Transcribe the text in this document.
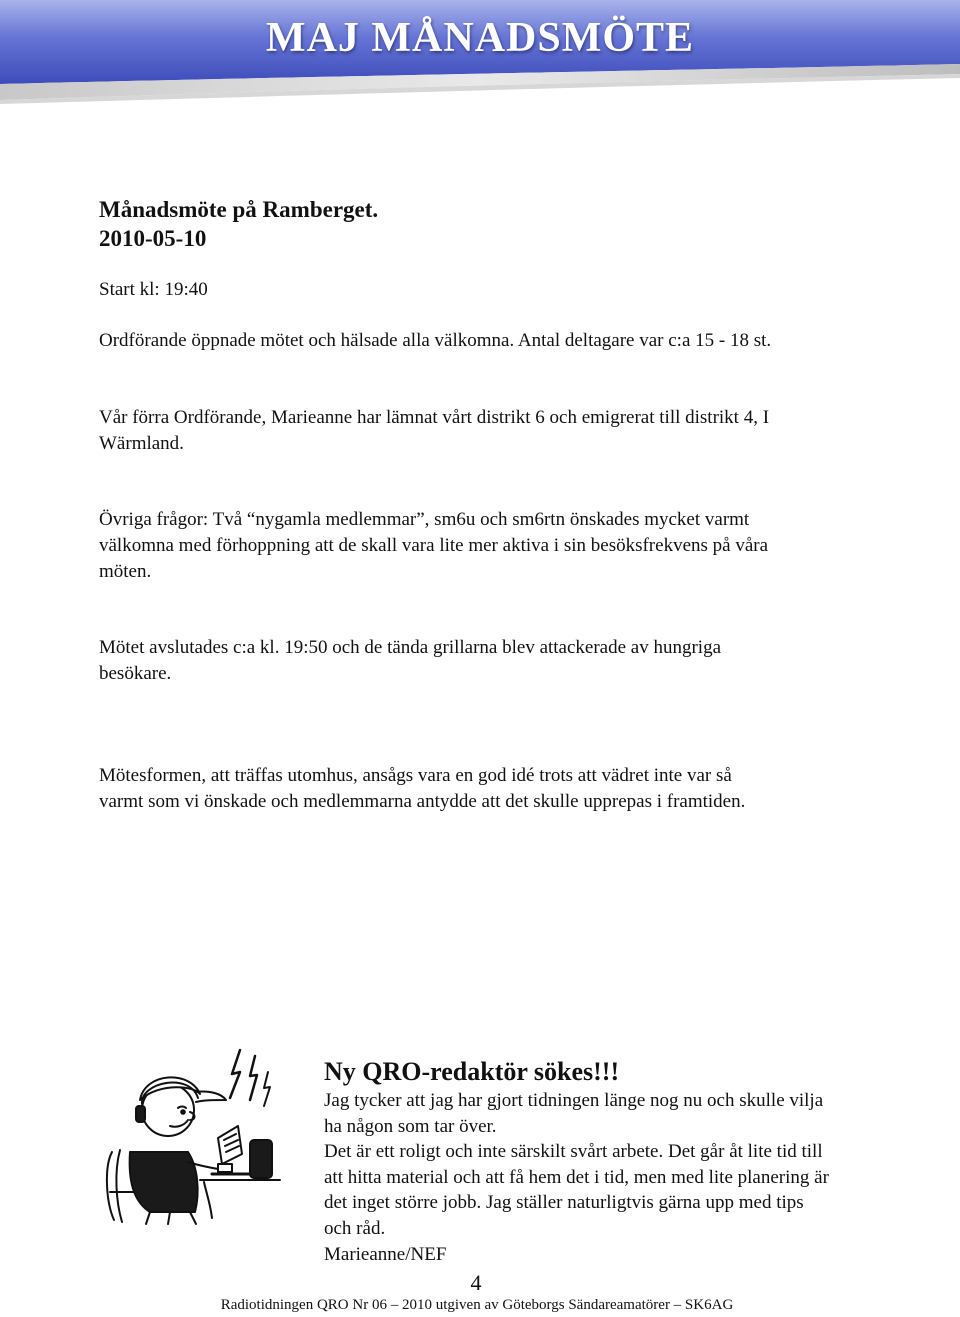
MAJ MÅNADSMÖTE
Månadsmöte på Ramberget.
2010-05-10
Start kl: 19:40
Ordförande öppnade mötet och hälsade alla välkomna. Antal deltagare var c:a 15 - 18 st.
Vår förra Ordförande, Marieanne har lämnat vårt distrikt 6 och emigrerat till distrikt 4, I
Wärmland.
Övriga frågor: Två “nygamla medlemmar”, sm6u och sm6rtn önskades mycket varmt
välkomna med förhoppning att de skall vara lite mer aktiva i sin besöksfrekvens på våra
möten.
Mötet avslutades c:a kl. 19:50 och de tända grillarna blev attackerade av hungriga
besökare.
Mötesformen, att träffas utomhus, ansågs vara en god idé trots att vädret inte var så
varmt som vi önskade och medlemmarna antydde att det skulle upprepas i framtiden.
Ny QRO-redaktör sökes!!!
Jag tycker att jag har gjort tidningen länge nog nu och skulle vilja
ha någon som tar över.
Det är ett roligt och inte särskilt svårt arbete. Det går åt lite tid till
att hitta material och att få hem det i tid, men med lite planering är
det inget större jobb. Jag ställer naturligtvis gärna upp med tips
och råd.
Marieanne/NEF
4
Radiotidningen QRO Nr 06 – 2010 utgiven av Göteborgs Sändareamatörer – SK6AG
